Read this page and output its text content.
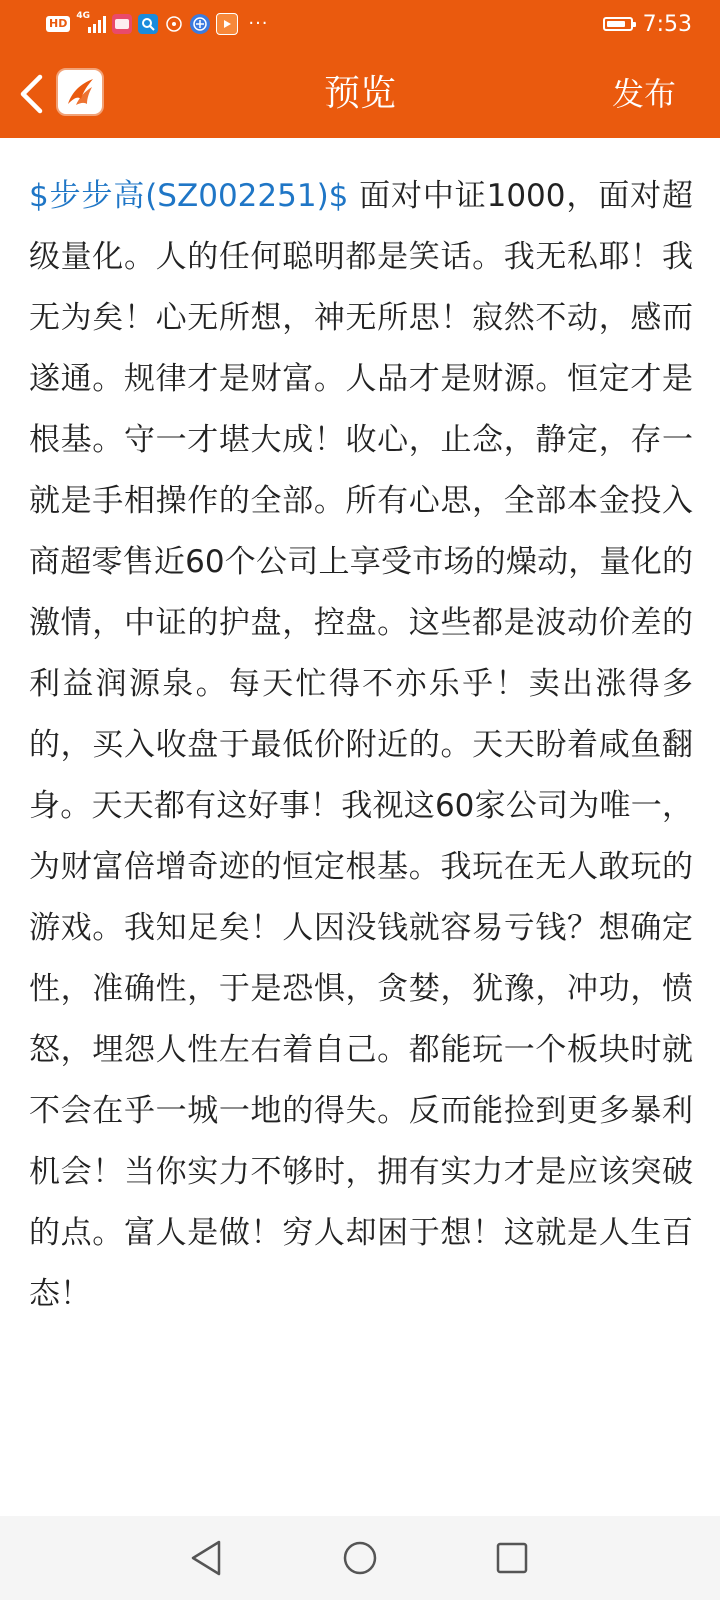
HD
4G	···	7:53
预览	发布
$步步高(SZ002251)$ 面对中证1000，面对超级量化。人的任何聪明都是笑话。我无私耶！我无为矣！心无所想，神无所思！寂然不动，感而遂通。规律才是财富。人品才是财源。恒定才是根基。守一才堪大成！收心，止念，静定，存一就是手相操作的全部。所有心思，全部本金投入商超零售近60个公司上享受市场的燥动，量化的激情，中证的护盘，控盘。这些都是波动价差的利益润源泉。每天忙得不亦乐乎！卖出涨得多的，买入收盘于最低价附近的。天天盼着咸鱼翻身。天天都有这好事！我视这60家公司为唯一，为财富倍增奇迹的恒定根基。我玩在无人敢玩的游戏。我知足矣！人因没钱就容易亏钱？想确定性，准确性，于是恐惧，贪婪，犹豫，冲功，愤怒，埋怨人性左右着自己。都能玩一个板块时就不会在乎一城一地的得失。反而能捡到更多暴利机会！当你实力不够时，拥有实力才是应该突破的点。富人是做！穷人却困于想！这就是人生百态！
